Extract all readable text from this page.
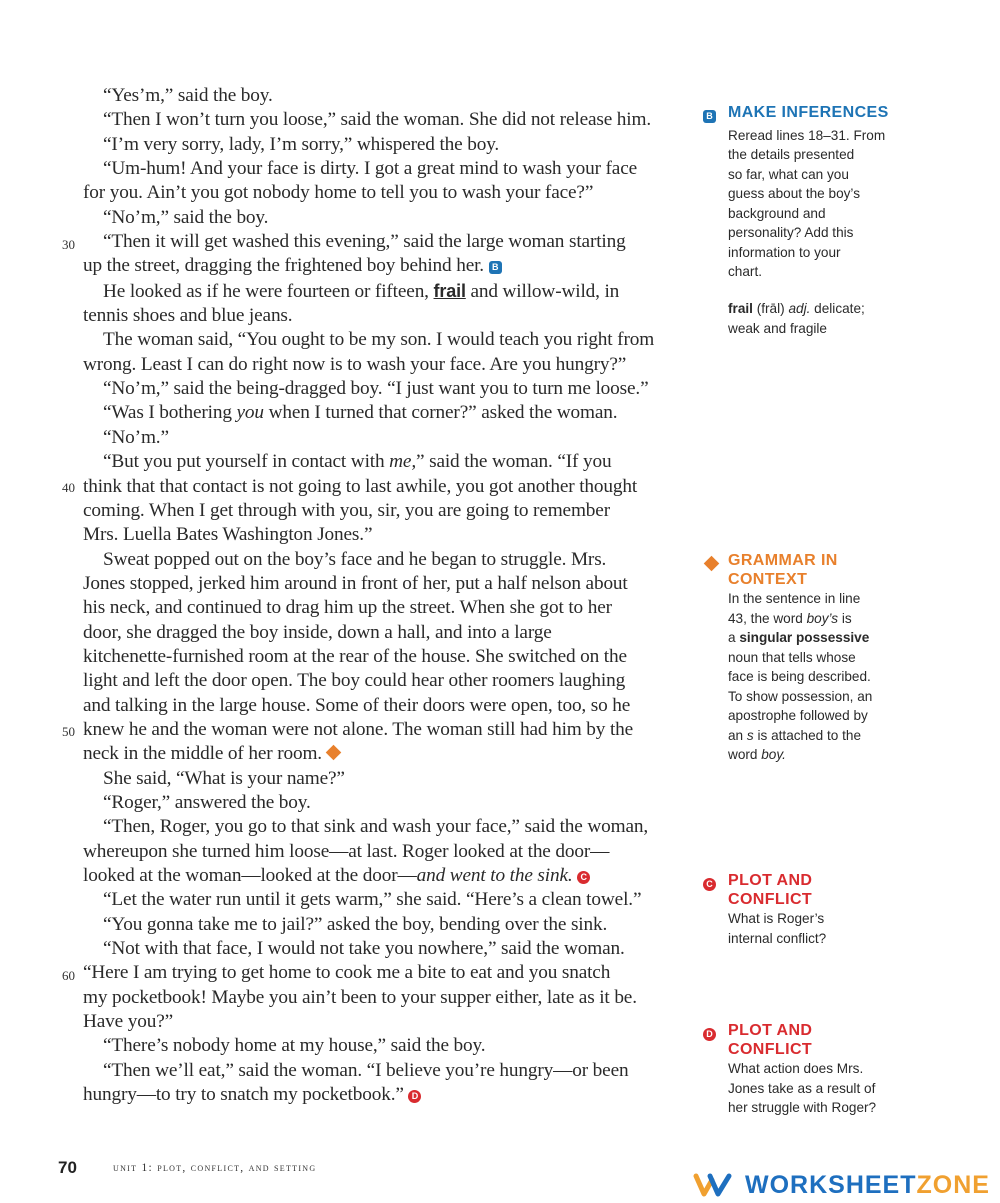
30
40
50
60

“Yes’m,” said the boy.

“Then I won’t turn you loose,” said the woman. She did not release him.

“I’m very sorry, lady, I’m sorry,” whispered the boy.

“Um-hum! And your face is dirty. I got a great mind to wash your face

for you. Ain’t you got nobody home to tell you to wash your face?”

“No’m,” said the boy.

“Then it will get washed this evening,” said the large woman starting

up the street, dragging the frightened boy behind her. B

He looked as if he were fourteen or fifteen, frail and willow-wild, in

tennis shoes and blue jeans.

The woman said, “You ought to be my son. I would teach you right from

wrong. Least I can do right now is to wash your face. Are you hungry?”

“No’m,” said the being-dragged boy. “I just want you to turn me loose.”

“Was I bothering you when I turned that corner?” asked the woman.

“No’m.”

“But you put yourself in contact with me,” said the woman. “If you

think that that contact is not going to last awhile, you got another thought

coming. When I get through with you, sir, you are going to remember

Mrs. Luella Bates Washington Jones.”

Sweat popped out on the boy’s face and he began to struggle. Mrs.

Jones stopped, jerked him around in front of her, put a half nelson about

his neck, and continued to drag him up the street. When she got to her

door, she dragged the boy inside, down a hall, and into a large

kitchenette-furnished room at the rear of the house. She switched on the

light and left the door open. The boy could hear other roomers laughing

and talking in the large house. Some of their doors were open, too, so he

knew he and the woman were not alone. The woman still had him by the

neck in the middle of her room.

She said, “What is your name?”

“Roger,” answered the boy.

“Then, Roger, you go to that sink and wash your face,” said the woman,

whereupon she turned him loose—at last. Roger looked at the door—

looked at the woman—looked at the door—and went to the sink. C

“Let the water run until it gets warm,” she said. “Here’s a clean towel.”

“You gonna take me to jail?” asked the boy, bending over the sink.

“Not with that face, I would not take you nowhere,” said the woman.

“Here I am trying to get home to cook me a bite to eat and you snatch

my pocketbook! Maybe you ain’t been to your supper either, late as it be.

Have you?”

“There’s nobody home at my house,” said the boy.

“Then we’ll eat,” said the woman. “I believe you’re hungry—or been

hungry—to try to snatch my pocketbook.” D

B MAKE INFERENCES
Reread lines 18–31. From
the details presented
so far, what can you
guess about the boy’s
background and
personality? Add this
information to your
chart.
frail (frāl) adj. delicate;
weak and fragile
GRAMMAR IN
CONTEXT
In the sentence in line
43, the word boy’s is
a singular possessive
noun that tells whose
face is being described.
To show possession, an
apostrophe followed by
an s is attached to the
word boy.
C PLOT AND
CONFLICT
What is Roger’s
internal conflict?
D PLOT AND
CONFLICT
What action does Mrs.
Jones take as a result of
her struggle with Roger?
70	unit 1: plot, conflict, and setting
WORKSHEET ZONE
